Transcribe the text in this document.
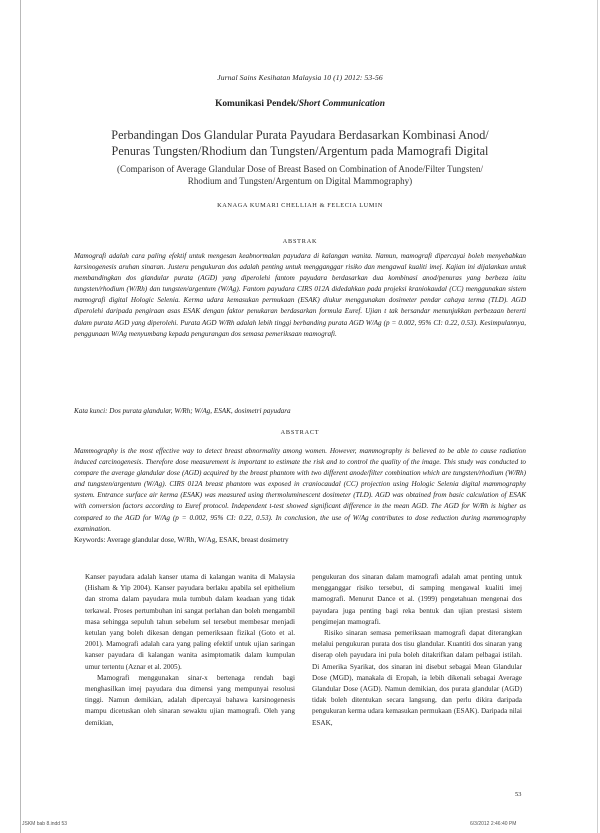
Jurnal Sains Kesihatan Malaysia 10 (1) 2012: 53-56
Komunikasi Pendek/Short Communication
Perbandingan Dos Glandular Purata Payudara Berdasarkan Kombinasi Anod/
Penuras Tungsten/Rhodium dan Tungsten/Argentum pada Mamografi Digital
(Comparison of Average Glandular Dose of Breast Based on Combination of Anode/Filter Tungsten/
Rhodium and Tungsten/Argentum on Digital Mammography)
KANAGA KUMARI CHELLIAH & FELECIA LUMIN
ABSTRAK

Mamografi adalah cara paling efektif untuk mengesan keabnormalan payudara di kalangan wanita. Namun, mamografi dipercayai boleh menyebabkan karsinogenesis aruhan sinaran. Justeru pengukuran dos adalah penting untuk mengganggar risiko dan mengawal kualiti imej. Kajian ini dijalankan untuk membandingkan dos glandular purata (AGD) yang diperolehi fantom payudara berdasarkan dua kombinasi anod/penuras yang berbeza iaitu tungsten/rhodium (W/Rh) dan tungsten/argentum (W/Ag). Fantom payudara CIRS 012A didedahkan pada projeksi kraniokaudal (CC) menggunakan sistem mamografi digital Hologic Selenia. Kerma udara kemasukan permukaan (ESAK) diukur menggunakan dosimeter pendar cahaya terma (TLD). AGD diperolehi daripada pengiraan asas ESAK dengan faktor penukaran berdasarkan formula Euref. Ujian t tak bersandar menunjukkan perbezaan bererti dalam purata AGD yang diperolehi. Purata AGD W/Rh adalah lebih tinggi berbanding purata AGD W/Ag (p = 0.002, 95% CI: 0.22, 0.53). Kesimpulannya, penggunaan W/Ag menyumbang kepada pengurangan dos semasa pemeriksaan mamografi.

Kata kunci: Dos purata glandular, W/Rh; W/Ag, ESAK, dosimetri payudara

ABSTRACT

Mammography is the most effective way to detect breast abnormality among women. However, mammography is believed to be able to cause radiation induced carcinogenesis. Therefore dose measurement is important to estimate the risk and to control the quality of the image. This study was conducted to compare the average glandular dose (AGD) acquired by the breast phantom with two different anode/filter combination which are tungsten/rhodium (W/Rh) and tungsten/argentum (W/Ag). CIRS 012A breast phantom was exposed in craniocaudal (CC) projection using Hologic Selenia digital mammography system. Entrance surface air kerma (ESAK) was measured using thermoluminescent dosimeter (TLD). AGD was obtained from basic calculation of ESAK with conversion factors according to Euref protocol. Independent t-test showed significant difference in the mean AGD. The AGD for W/Rh is higher as compared to the AGD for W/Ag (p = 0.002, 95% CI: 0.22, 0.53). In conclusion, the use of W/Ag contributes to dose reduction during mammography examination.

Keywords: Average glandular dose, W/Rh, W/Ag, ESAK, breast dosimetry

Kanser payudara adalah kanser utama di kalangan wanita di Malaysia (Hisham & Yip 2004). Kanser payudara berlaku apabila sel epithelium dan stroma dalam payudara mula tumbuh dalam keadaan yang tidak terkawal. Proses pertumbuhan ini sangat perlahan dan boleh mengambil masa sehingga sepuluh tahun sebelum sel tersebut membesar menjadi ketulan yang boleh dikesan dengan pemeriksaan fizikal (Goto et al. 2001). Mamografi adalah cara yang paling efektif untuk ujian saringan kanser payudara di kalangan wanita asimptomatik dalam kumpulan umur tertentu (Aznar et al. 2005).

Mamografi menggunakan sinar-x bertenaga rendah bagi menghasilkan imej payudara dua dimensi yang mempunyai resolusi tinggi. Namun demikian, adalah dipercayai bahawa karsinogenesis mampu dicetuskan oleh sinaran sewaktu ujian mamografi. Oleh yang demikian,

pengukuran dos sinaran dalam mamografi adalah amat penting untuk mengganggar risiko tersebut, di samping mengawal kualiti imej mamografi. Menurut Dance et al. (1999) pengetahuan mengenai dos payudara juga penting bagi reka bentuk dan ujian prestasi sistem pengimejan mamografi.

Risiko sinaran semasa pemeriksaan mamografi dapat diterangkan melalui pengukuran purata dos tisu glandular. Kuantiti dos sinaran yang diserap oleh payudara ini pula boleh ditakrifkan dalam pelbagai istilah. Di Amerika Syarikat, dos sinaran ini disebut sebagai Mean Glandular Dose (MGD), manakala di Eropah, ia lebih dikenali sebagai Average Glandular Dose (AGD). Namun demikian, dos purata glandular (AGD) tidak boleh ditentukan secara langsung, dan perlu dikira daripada pengukuran kerma udara kemasukan permukaan (ESAK). Daripada nilai ESAK,

53
JSKM bab 8.indd 53	6/3/2012 2:46:40 PM
